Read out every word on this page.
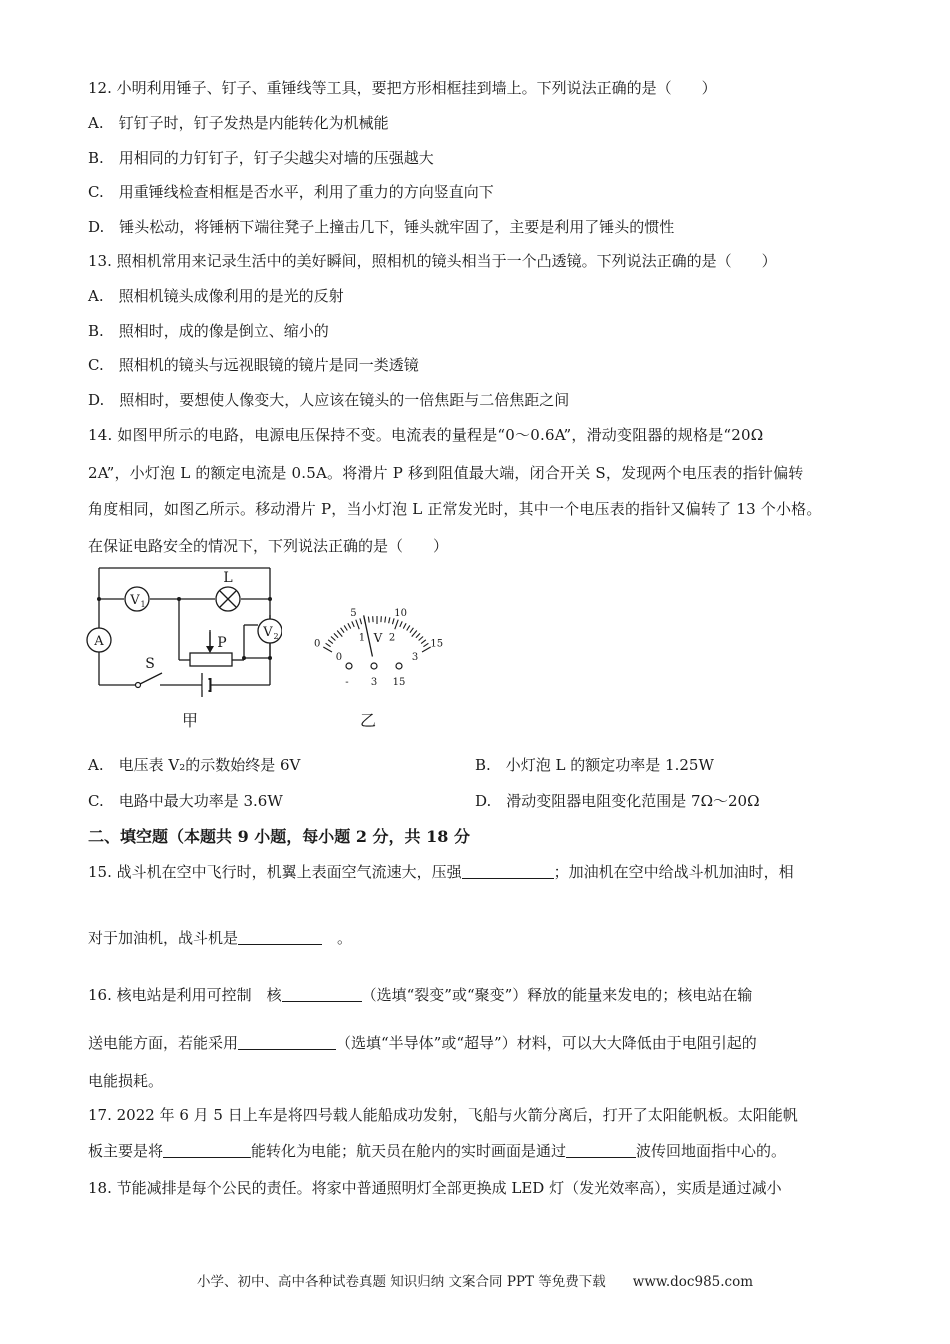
12. 小明利用锤子、钉子、重锤线等工具，要把方形相框挂到墙上。下列说法正确的是（　　）
A.　钉钉子时，钉子发热是内能转化为机械能
B.　用相同的力钉钉子，钉子尖越尖对墙的压强越大
C.　用重锤线检查相框是否水平，利用了重力的方向竖直向下
D.　锤头松动，将锤柄下端往凳子上撞击几下，锤头就牢固了，主要是利用了锤头的惯性
13. 照相机常用来记录生活中的美好瞬间，照相机的镜头相当于一个凸透镜。下列说法正确的是（　　）
A.　照相机镜头成像利用的是光的反射
B.　照相时，成的像是倒立、缩小的
C.　照相机的镜头与远视眼镜的镜片是同一类透镜
D.　照相时，要想使人像变大，人应该在镜头的一倍焦距与二倍焦距之间
14. 如图甲所示的电路，电源电压保持不变。电流表的量程是“0～0.6A”，滑动变阻器的规格是“20Ω
2A”，小灯泡 L 的额定电流是 0.5A。将滑片 P 移到阻值最大端，闭合开关 S，发现两个电压表的指针偏转
角度相同，如图乙所示。移动滑片 P，当小灯泡 L 正常发光时，其中一个电压表的指针又偏转了 13 个小格。
在保证电路安全的情况下，下列说法正确的是（　　）
A
V 1
L
V 2
P
S
甲
0
5	10
15
0
1 2
3
V
- 3 15
乙
A.　电压表 V₂的示数始终是 6V	B.　小灯泡 L 的额定功率是 1.25W
C.　电路中最大功率是 3.6W	D.　滑动变阻器电阻变化范围是 7Ω～20Ω
二、填空题（本题共 9 小题，每小题 2 分，共 18 分
15. 战斗机在空中飞行时，机翼上表面空气流速大，压强	；加油机在空中给战斗机加油时，相
对于加油机，战斗机是	　。
16. 核电站是利用可控制　核	（选填“裂变”或“聚变”）释放的能量来发电的；核电站在输
送电能方面，若能采用	（选填“半导体”或“超导”）材料，可以大大降低由于电阻引起的
电能损耗。
17. 2022 年 6 月 5 日上车是将四号载人能船成功发射，飞船与火箭分离后，打开了太阳能帆板。太阳能帆
板主要是将	能转化为电能；航天员在舱内的实时画面是通过	波传回地面指中心的。
18. 节能减排是每个公民的责任。将家中普通照明灯全部更换成 LED 灯（发光效率高），实质是通过减小
小学、初中、高中各种试卷真题 知识归纳 文案合同 PPT 等免费下载　　www.doc985.com
